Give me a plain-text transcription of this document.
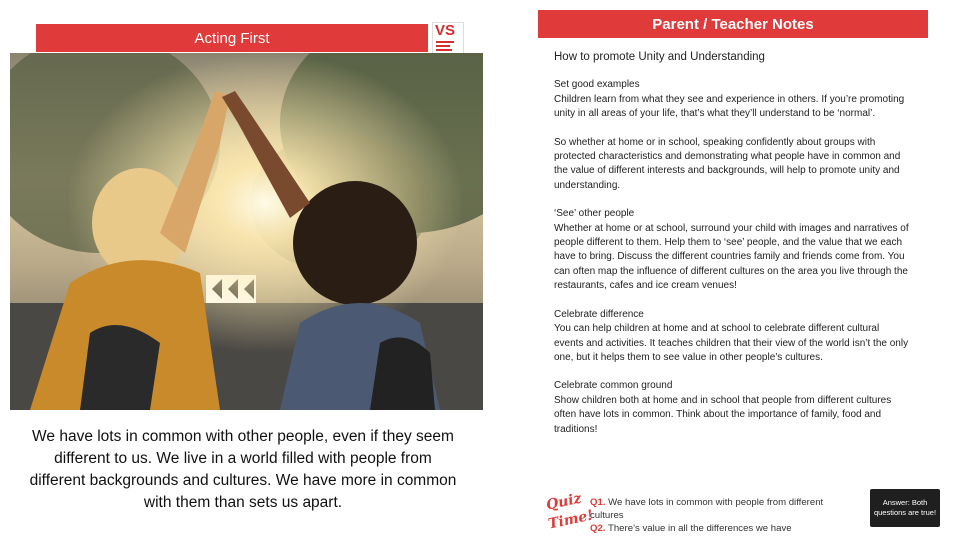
Acting First	VS	Parent / Teacher Notes
We have lots in common with other people, even if they seem different to us. We live in a world filled with people from different backgrounds and cultures. We have more in common with them than sets us apart.

How to promote Unity and Understanding

Set good examples

Children learn from what they see and experience in others. If you’re promoting unity in all areas of your life, that’s what they’ll understand to be ‘normal’.

So whether at home or in school, speaking confidently about groups with protected characteristics and demonstrating what people have in common and the value of different interests and backgrounds, will help to promote unity and understanding.

‘See’ other people

Whether at home or at school, surround your child with images and narratives of people different to them. Help them to ‘see’ people, and the value that we each have to bring. Discuss the different countries family and friends come from. You can often map the influence of different cultures on the area you live through the restaurants, cafes and ice cream venues!

Celebrate difference

You can help children at home and at school to celebrate different cultural events and activities. It teaches children that their view of the world isn’t the only one, but it helps them to see value in other people’s cultures.

Celebrate common ground

Show children both at home and in school that people from different cultures often have lots in common. Think about the importance of family, food and traditions!

Quiz
Time!
Q1. We have lots in common with people from different cultures
Q2. There’s value in all the differences we have
Answer: Both questions are true!
